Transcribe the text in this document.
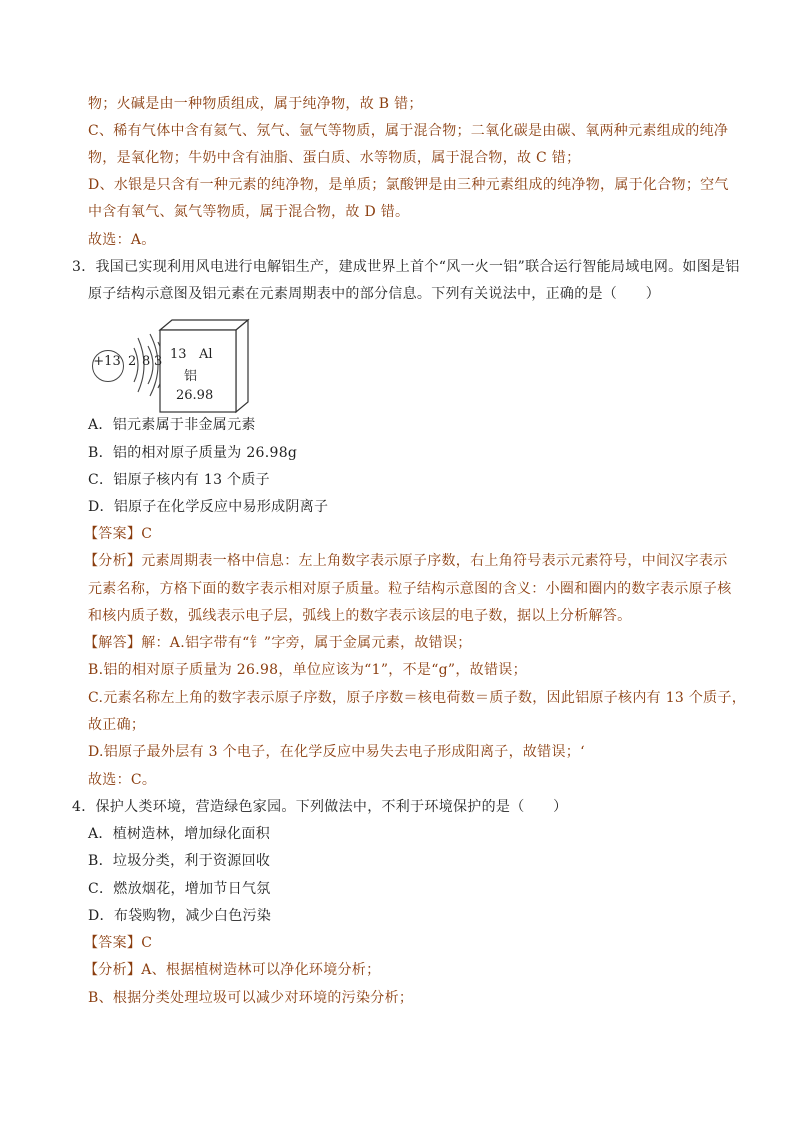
物；火碱是由一种物质组成，属于纯净物，故 B 错；
C、稀有气体中含有氦气、氖气、氩气等物质，属于混合物；二氧化碳是由碳、氧两种元素组成的纯净
物，是氧化物；牛奶中含有油脂、蛋白质、水等物质，属于混合物，故 C 错；
D、水银是只含有一种元素的纯净物，是单质；氯酸钾是由三种元素组成的纯净物，属于化合物；空气
中含有氧气、氮气等物质，属于混合物，故 D 错。
故选：A。
3．我国已实现利用风电进行电解铝生产，建成世界上首个“风一火一铝”联合运行智能局域电网。如图是铝
原子结构示意图及铝元素在元素周期表中的部分信息。下列有关说法中，正确的是（　　）
+13 2 8 3 13 Al
铝
26.98
A．铝元素属于非金属元素
B．铝的相对原子质量为 26.98g
C．铝原子核内有 13 个质子
D．铝原子在化学反应中易形成阴离子
【答案】C
【分析】元素周期表一格中信息：左上角数字表示原子序数，右上角符号表示元素符号，中间汉字表示
元素名称，方格下面的数字表示相对原子质量。粒子结构示意图的含义：小圈和圈内的数字表示原子核
和核内质子数，弧线表示电子层，弧线上的数字表示该层的电子数，据以上分析解答。
【解答】解：A.铝字带有“钅”字旁，属于金属元素，故错误；
B.铝的相对原子质量为 26.98，单位应该为“1”，不是“g”，故错误；
C.元素名称左上角的数字表示原子序数，原子序数＝核电荷数＝质子数，因此铝原子核内有 13 个质子，
故正确；
D.铝原子最外层有 3 个电子，在化学反应中易失去电子形成阳离子，故错误；‘
故选：C。
4．保护人类环境，营造绿色家园。下列做法中，不利于环境保护的是（　　）
A．植树造林，增加绿化面积
B．垃圾分类，利于资源回收
C．燃放烟花，增加节日气氛
D．布袋购物，减少白色污染
【答案】C
【分析】A、根据植树造林可以净化环境分析；
B、根据分类处理垃圾可以减少对环境的污染分析；
